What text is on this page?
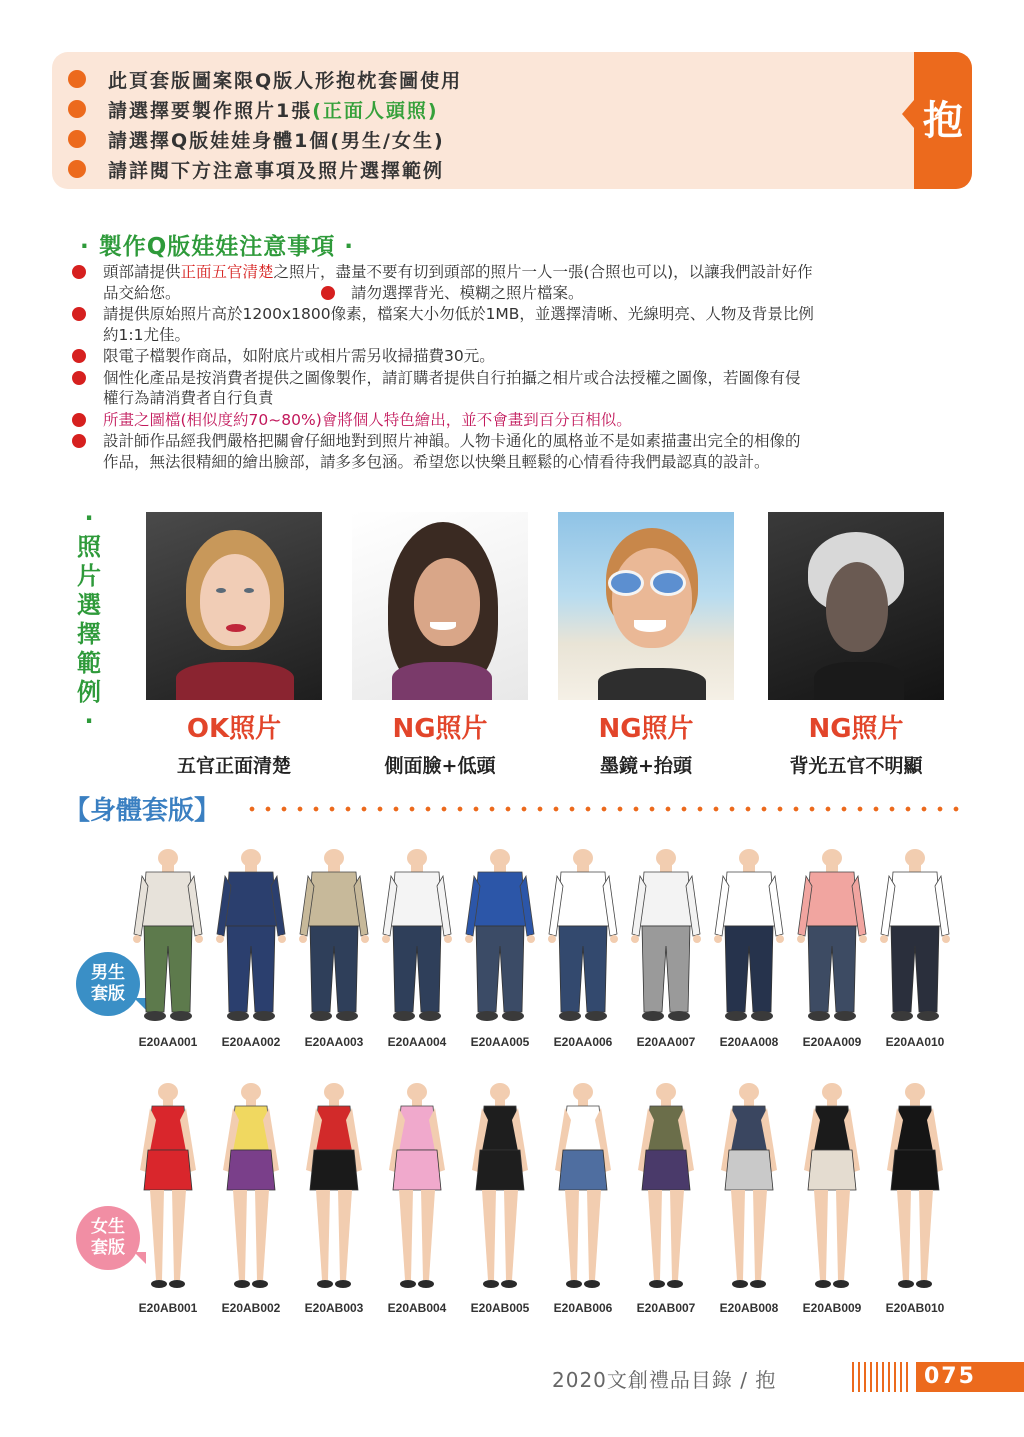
此頁套版圖案限Q版人形抱枕套圖使用
請選擇要製作照片1張 (正面人頭照)
請選擇Q版娃娃身體1個(男生/女生)
請詳閱下方注意事項及照片選擇範例
抱
· 製作Q版娃娃注意事項 ·
頭部請提供正面五官清楚之照片，盡量不要有切到頭部的照片一人一張(合照也可以)，以讓我們設計好作
品交給您。	請勿選擇背光、模糊之照片檔案。
請提供原始照片高於1200x1800像素，檔案大小勿低於1MB，並選擇清晰、光線明亮、人物及背景比例
約1:1尤佳。
限電子檔製作商品，如附底片或相片需另收掃描費30元。
個性化產品是按消費者提供之圖像製作，請訂購者提供自行拍攝之相片或合法授權之圖像，若圖像有侵
權行為請消費者自行負責
所畫之圖檔(相似度約70~80%)會將個人特色繪出，並不會畫到百分百相似。
設計師作品經我們嚴格把關會仔細地對到照片神韻。人物卡通化的風格並不是如素描畫出完全的相像的
作品，無法很精細的繪出臉部，請多多包涵。希望您以快樂且輕鬆的心情看待我們最認真的設計。
·
照
片
選
擇
範
例
·	OK照片
五官正面清楚
NG照片
側面臉+低頭
NG照片
墨鏡+抬頭
NG照片
背光五官不明顯
【身體套版】
男生
套版
女生
套版
E20AA001	E20AA002	E20AA003	E20AA004	E20AA005	E20AA006	E20AA007	E20AA008	E20AA009	E20AA010
E20AB001	E20AB002	E20AB003	E20AB004	E20AB005	E20AB006	E20AB007	E20AB008	E20AB009	E20AB010
2020文創禮品目錄 / 抱	075
